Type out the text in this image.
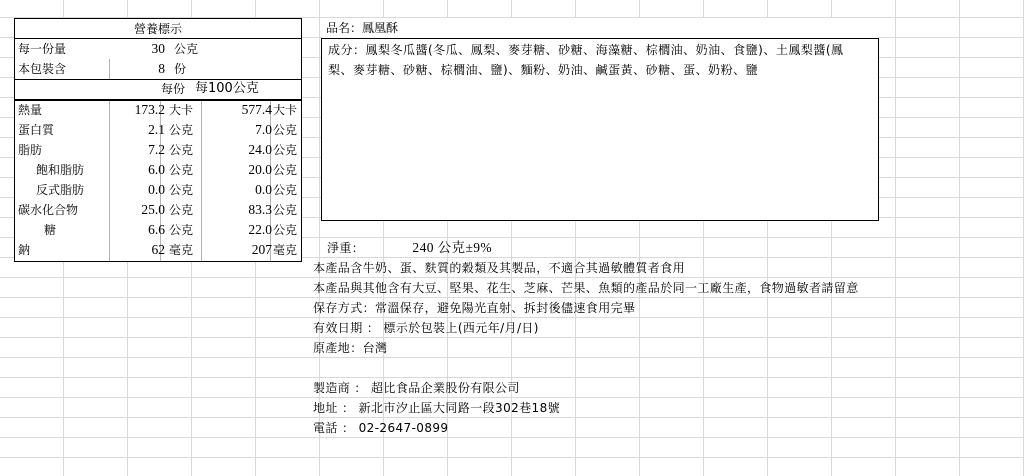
營養標示
每一份量	30 公克
本包裝含	8 份
每份 每100公克
熱量	173.2 大卡	577.4 大卡
蛋白質	2.1 公克	7.0 公克
脂肪	7.2 公克	24.0 公克
飽和脂肪	6.0 公克	20.0 公克
反式脂肪	0.0 公克	0.0 公克
碳水化合物	25.0 公克	83.3 公克
糖	6.6 公克	22.0 公克
鈉	62 毫克	207 毫克
品名：鳳凰酥
成分：鳳梨冬瓜醬(冬瓜、鳳梨、麥芽糖、砂糖、海藻糖、棕櫚油、奶油、食鹽)、土鳳梨醬(鳳梨、麥芽糖、砂糖、棕櫚油、鹽)、麵粉、奶油、鹹蛋黃、砂糖、蛋、奶粉、鹽
淨重：	240 公克±9%
本產品含牛奶、蛋、麩質的穀類及其製品，不適合其過敏體質者食用
本產品與其他含有大豆、堅果、花生、芝麻、芒果、魚類的產品於同一工廠生產，食物過敏者請留意
保存方式：常溫保存，避免陽光直射、拆封後儘速食用完畢
有效日期 ： 標示於包裝上(西元年/月/日)
原產地：台灣
製造商 ： 超比食品企業股份有限公司
地址 ： 新北市汐止區大同路一段302巷18號
電話 ： 02-2647-0899
